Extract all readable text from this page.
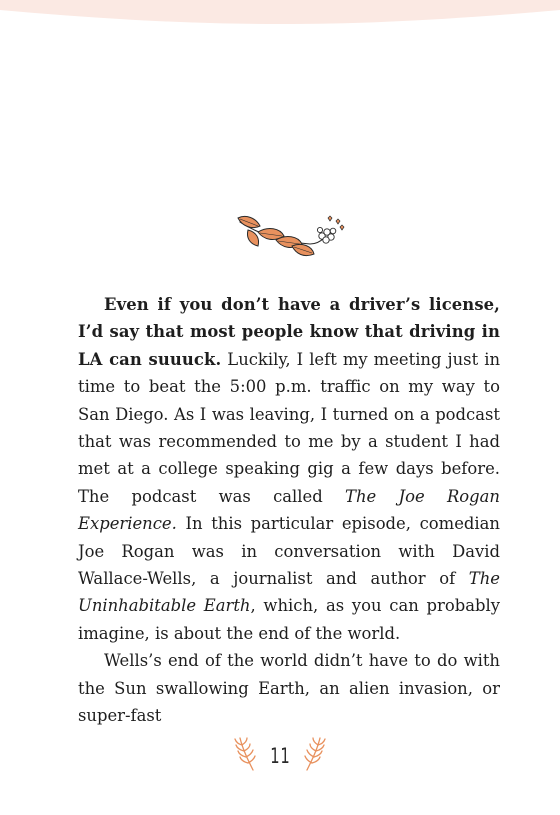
Even if you don’t have a driver’s license, I’d say that most people know that driving in LA can suuuck. Luckily, I left my meeting just in time to beat the 5:00 p.m. traffic on my way to San Diego. As I was leaving, I turned on a podcast that was recommended to me by a student I had met at a college speaking gig a few days before. The podcast was called The Joe Rogan Experience. In this particular episode, comedian Joe Rogan was in conversation with David Wallace-Wells, a journalist and author of The Uninhabitable Earth, which, as you can probably imagine, is about the end of the world.

Wells’s end of the world didn’t have to do with the Sun swallowing Earth, an alien invasion, or super-fast

11
